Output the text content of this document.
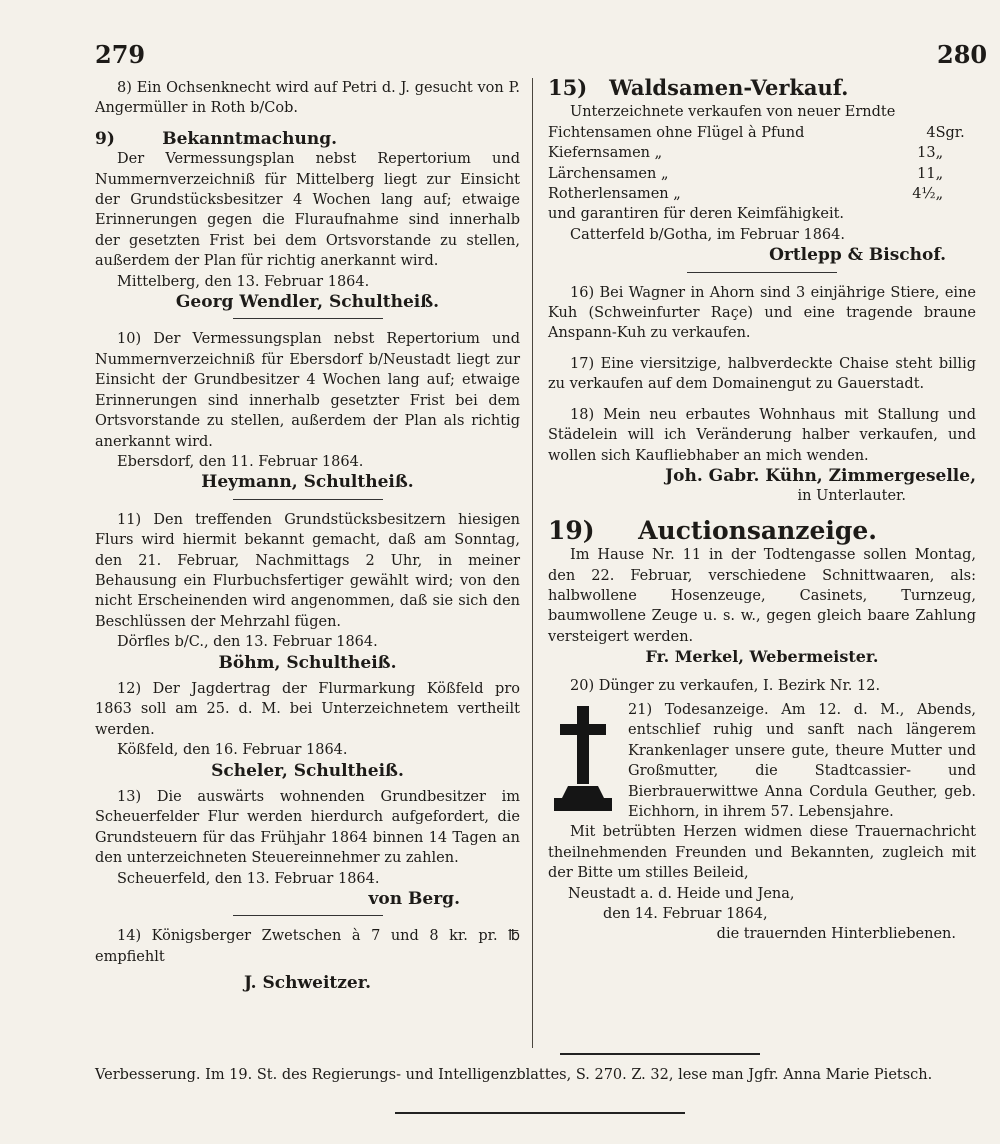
279	280

8) Ein Ochsenknecht wird auf Petri d. J. gesucht von P. Angermüller in Roth b/Cob.

9)        Bekanntmachung.
Der Vermessungsplan nebst Repertorium und Nummernverzeichniß für Mittelberg liegt zur Einsicht der Grundstücksbesitzer 4 Wochen lang auf; etwaige Erinnerungen gegen die Fluraufnahme sind innerhalb der gesetzten Frist bei dem Ortsvorstande zu stellen, außerdem der Plan für richtig anerkannt wird.
Mittelberg, den 13. Februar 1864.
Georg Wendler, Schultheiß.
10) Der Vermessungsplan nebst Repertorium und Nummernverzeichniß für Ebersdorf b/Neustadt liegt zur Einsicht der Grundbesitzer 4 Wochen lang auf; etwaige Erinnerungen sind innerhalb gesetzter Frist bei dem Ortsvorstande zu stellen, außerdem der Plan als richtig anerkannt wird.
Ebersdorf, den 11. Februar 1864.
Heymann, Schultheiß.
11) Den treffenden Grundstücksbesitzern hiesigen Flurs wird hiermit bekannt gemacht, daß am Sonntag, den 21. Februar, Nachmittags 2 Uhr, in meiner Behausung ein Flurbuchsfertiger gewählt wird; von den nicht Erscheinenden wird angenommen, daß sie sich den Beschlüssen der Mehrzahl fügen.
Dörfles b/C., den 13. Februar 1864.
Böhm, Schultheiß.
12) Der Jagdertrag der Flurmarkung Kößfeld pro 1863 soll am 25. d. M. bei Unterzeichnetem vertheilt werden.
Kößfeld, den 16. Februar 1864.
Scheler, Schultheiß.
13) Die auswärts wohnenden Grundbesitzer im Scheuerfelder Flur werden hierdurch aufgefordert, die Grundsteuern für das Frühjahr 1864 binnen 14 Tagen an den unterzeichneten Steuereinnehmer zu zahlen.
Scheuerfeld, den 13. Februar 1864.
von Berg.
14) Königsberger Zwetschen à 7 und 8 kr. pr. ℔ empfiehlt
J. Schweitzer.
15)   Waldsamen-Verkauf.
Unterzeichnete verkaufen von neuer Erndte
Fichtensamen ohne Flügel à Pfund	4	Sgr.
Kiefernsamen „	13	„
Lärchensamen „	11	„
Rotherlensamen „	4½	„
und garantiren für deren Keimfähigkeit.
Catterfeld b/Gotha, im Februar 1864.
Ortlepp & Bischof.

16) Bei Wagner in Ahorn sind 3 einjährige Stiere, eine Kuh (Schweinfurter Raçe) und eine tragende braune Anspann-Kuh zu verkaufen.

17) Eine viersitzige, halbverdeckte Chaise steht billig zu verkaufen auf dem Domainengut zu Gauerstadt.

18) Mein neu erbautes Wohnhaus mit Stallung und Städelein will ich Veränderung halber verkaufen, und wollen sich Kaufliebhaber an mich wenden.
Joh. Gabr. Kühn, Zimmergeselle,
in Unterlauter.
19)     Auctionsanzeige.
Im Hause Nr. 11 in der Todtengasse sollen Montag, den 22. Februar, verschiedene Schnittwaaren, als: halbwollene Hosenzeuge, Casinets, Turnzeug, baumwollene Zeuge u. s. w., gegen gleich baare Zahlung versteigert werden.
Fr. Merkel, Webermeister.

20) Dünger zu verkaufen, I. Bezirk Nr. 12.

21) Todesanzeige. Am 12. d. M., Abends, entschlief ruhig und sanft nach längerem Krankenlager unsere gute, theure Mutter und Großmutter, die Stadtcassier- und Bierbrauerwittwe Anna Cordula Geuther, geb. Eichhorn, in ihrem 57. Lebensjahre.
Mit betrübten Herzen widmen diese Trauernachricht theilnehmenden Freunden und Bekannten, zugleich mit der Bitte um stilles Beileid,
Neustadt a. d. Heide und Jena,
den 14. Februar 1864,
die trauernden Hinterbliebenen.
Verbesserung. Im 19. St. des Regierungs- und Intelligenzblattes, S. 270. Z. 32, lese man Jgfr. Anna Marie Pietsch.
